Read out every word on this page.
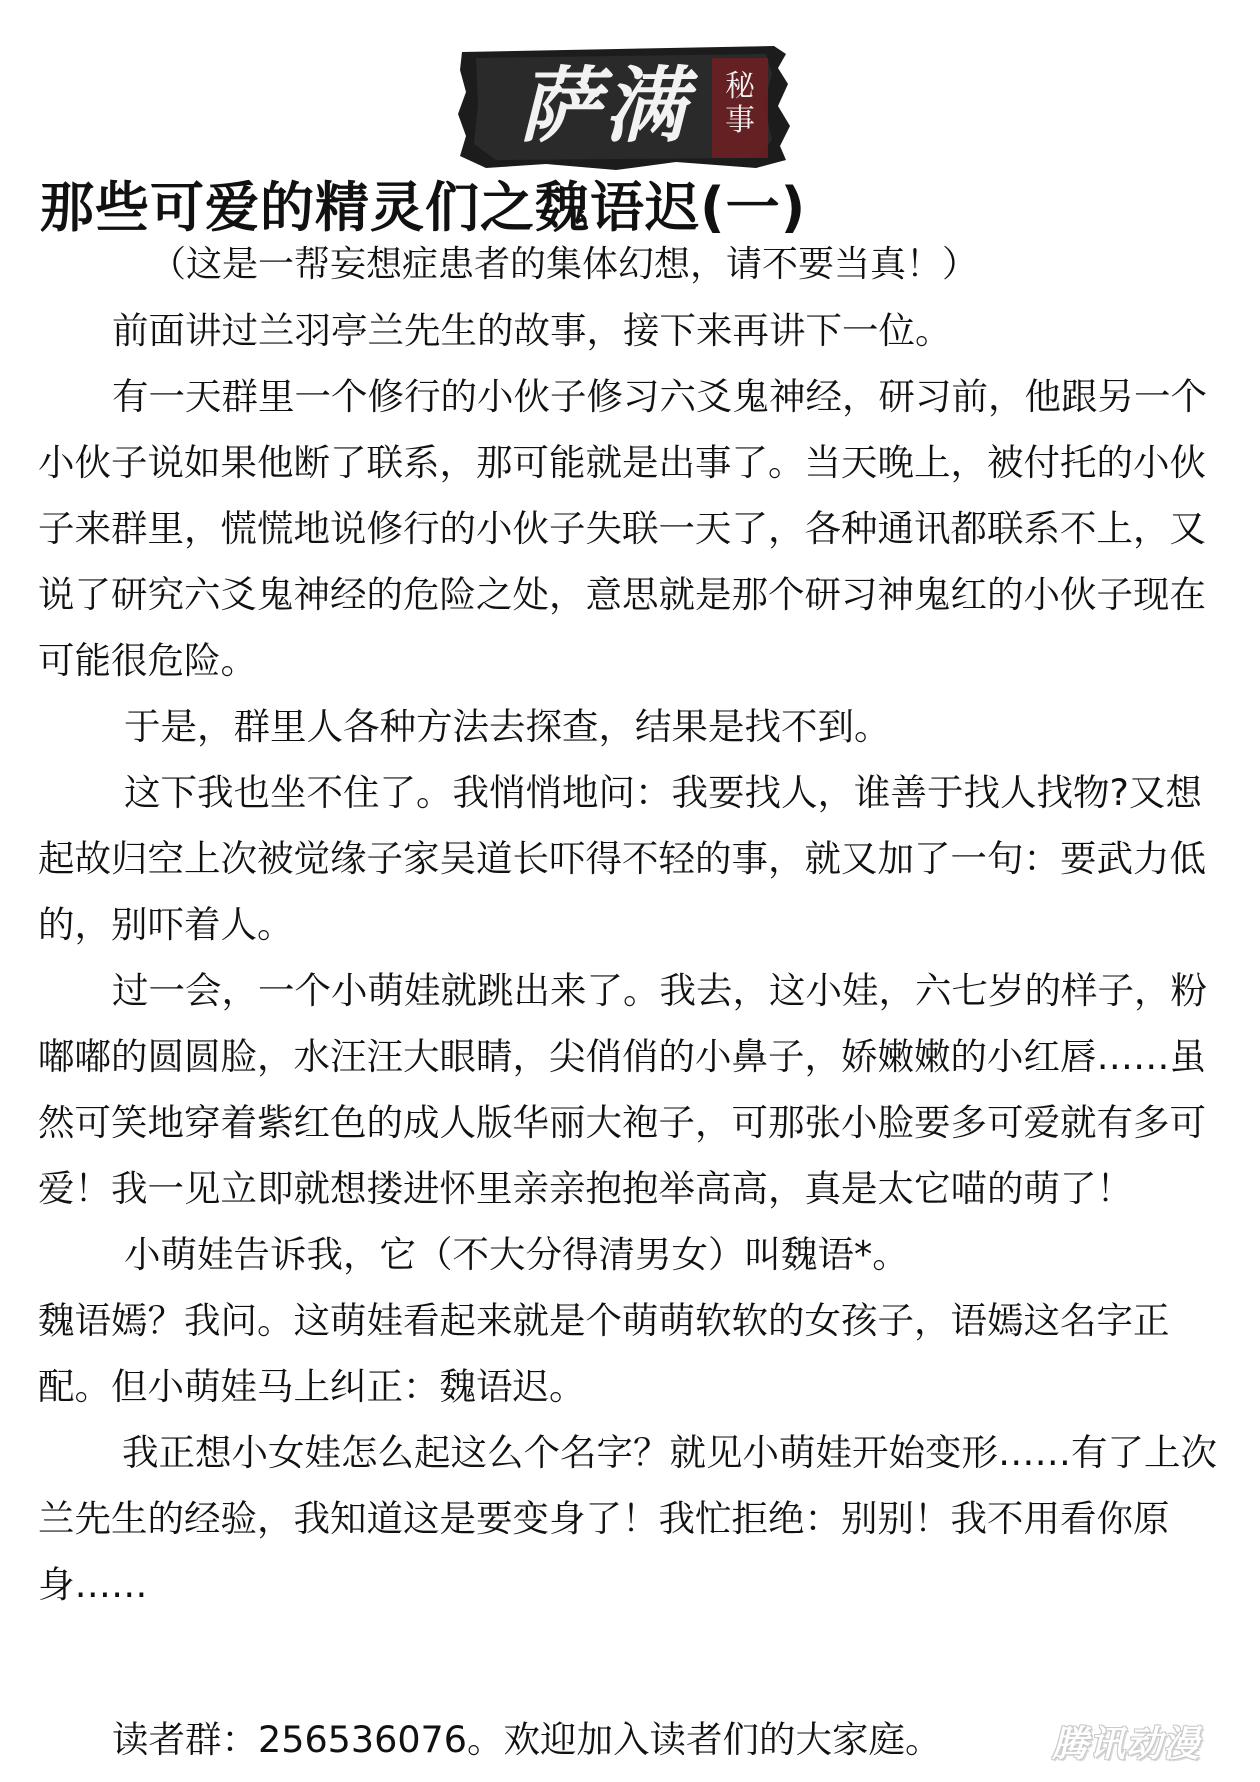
萨满 秘事
那些可爱的精灵们之魏语迟(一)
（这是一帮妄想症患者的集体幻想，请不要当真！）

前面讲过兰羽亭兰先生的故事，接下来再讲下一位。

有一天群里一个修行的小伙子修习六爻鬼神经，研习前，他跟另一个小伙子说如果他断了联系，那可能就是出事了。当天晚上，被付托的小伙子来群里，慌慌地说修行的小伙子失联一天了，各种通讯都联系不上，又说了研究六爻鬼神经的危险之处，意思就是那个研习神鬼红的小伙子现在可能很危险。

于是，群里人各种方法去探查，结果是找不到。

这下我也坐不住了。我悄悄地问：我要找人，谁善于找人找物?又想起故归空上次被觉缘子家吴道长吓得不轻的事，就又加了一句：要武力低的，别吓着人。

过一会，一个小萌娃就跳出来了。我去，这小娃，六七岁的样子，粉嘟嘟的圆圆脸，水汪汪大眼睛，尖俏俏的小鼻子，娇嫩嫩的小红唇……虽然可笑地穿着紫红色的成人版华丽大袍子，可那张小脸要多可爱就有多可爱！我一见立即就想搂进怀里亲亲抱抱举高高，真是太它喵的萌了！

小萌娃告诉我，它（不大分得清男女）叫魏语*。

魏语嫣？我问。这萌娃看起来就是个萌萌软软的女孩子，语嫣这名字正配。但小萌娃马上纠正：魏语迟。

我正想小女娃怎么起这么个名字？就见小萌娃开始变形……有了上次兰先生的经验，我知道这是要变身了！我忙拒绝：别别！我不用看你原身……

读者群：256536076。欢迎加入读者们的大家庭。	腾讯动漫
